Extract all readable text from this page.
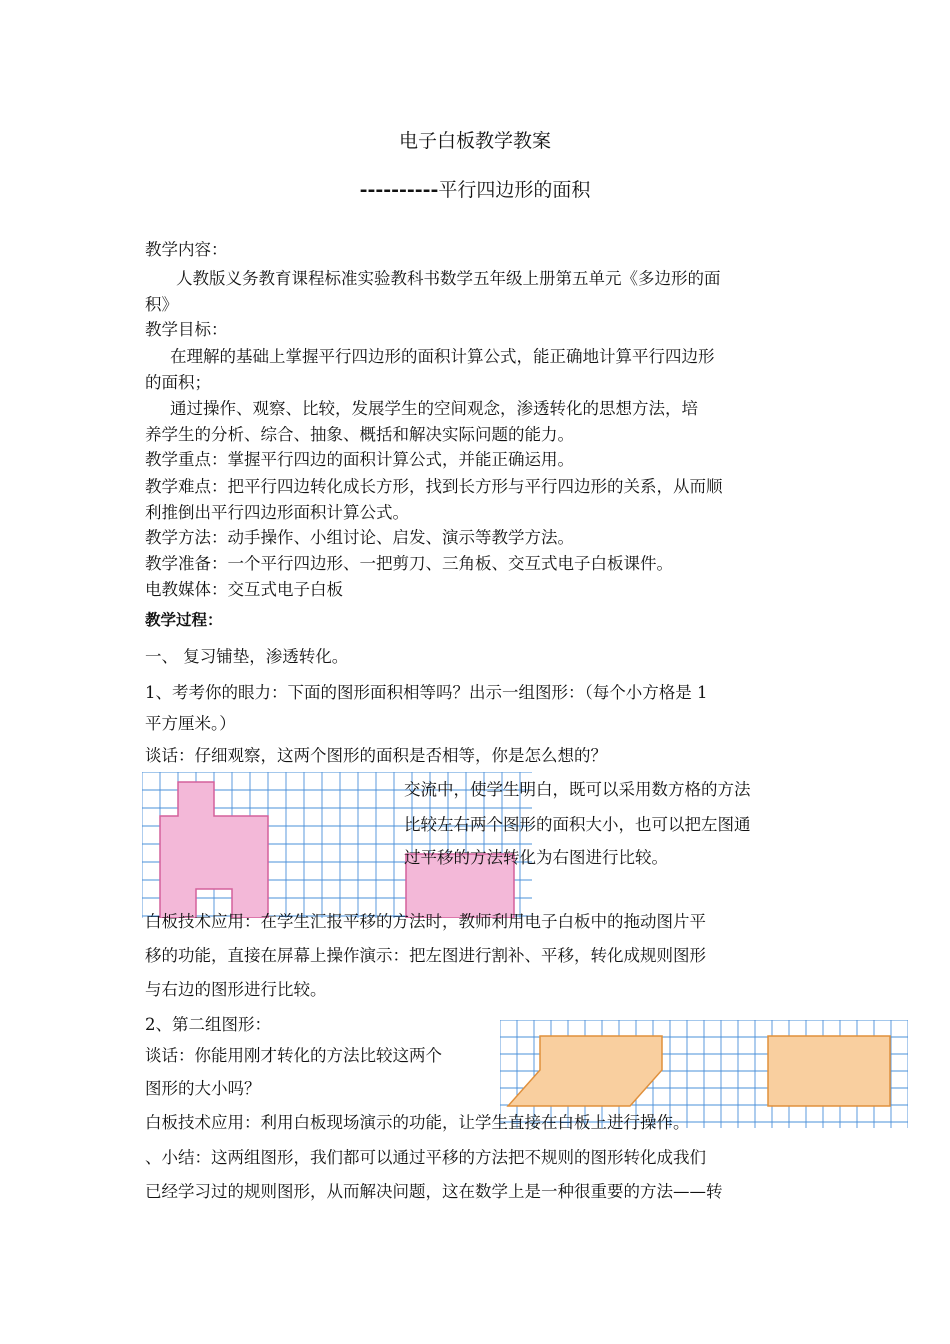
电子白板教学教案
----------平行四边形的面积
教学内容：
人教版义务教育课程标准实验教科书数学五年级上册第五单元《多边形的面
积》
教学目标：
在理解的基础上掌握平行四边形的面积计算公式，能正确地计算平行四边形
的面积；
通过操作、观察、比较，发展学生的空间观念，渗透转化的思想方法，培
养学生的分析、综合、抽象、概括和解决实际问题的能力。
教学重点：掌握平行四边的面积计算公式，并能正确运用。
教学难点：把平行四边转化成长方形，找到长方形与平行四边形的关系，从而顺
利推倒出平行四边形面积计算公式。
教学方法：动手操作、小组讨论、启发、演示等教学方法。
教学准备：一个平行四边形、一把剪刀、三角板、交互式电子白板课件。
电教媒体：交互式电子白板
教学过程：
一、 复习铺垫，渗透转化。
1、考考你的眼力：下面的图形面积相等吗？出示一组图形：（每个小方格是 1
平方厘米。）
谈话：仔细观察，这两个图形的面积是否相等，你是怎么想的？
交流中，使学生明白，既可以采用数方格的方法
比较左右两个图形的面积大小，也可以把左图通
过平移的方法转化为右图进行比较。
白板技术应用：在学生汇报平移的方法时，教师利用电子白板中的拖动图片平
移的功能，直接在屏幕上操作演示：把左图进行割补、平移，转化成规则图形
与右边的图形进行比较。
2、第二组图形：
谈话：你能用刚才转化的方法比较这两个
图形的大小吗？
白板技术应用：利用白板现场演示的功能，让学生直接在白板上进行操作。
、小结：这两组图形，我们都可以通过平移的方法把不规则的图形转化成我们
已经学习过的规则图形，从而解决问题，这在数学上是一种很重要的方法——转
